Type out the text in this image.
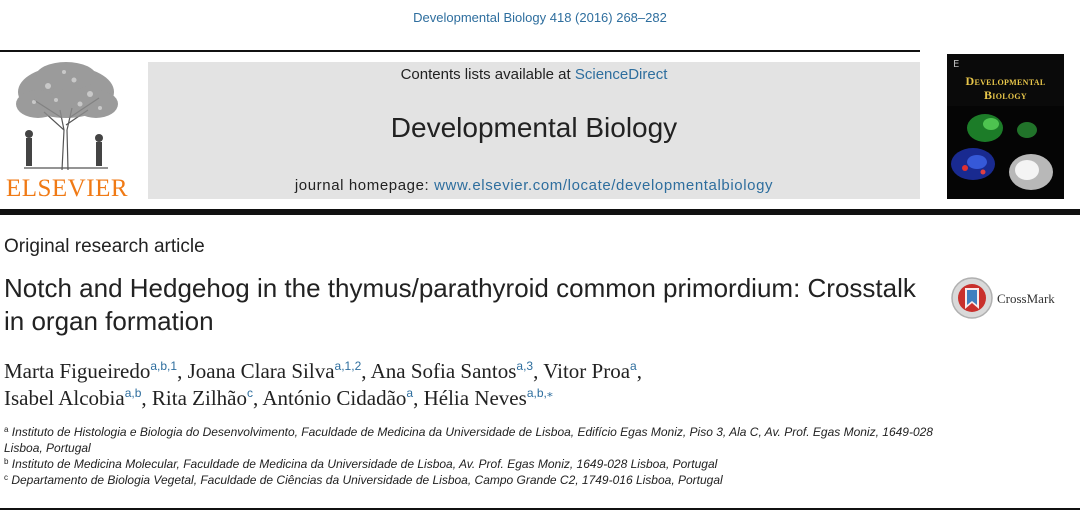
Developmental Biology 418 (2016) 268–282
ELSEVIER
Contents lists available at ScienceDirect
Developmental Biology
journal homepage: www.elsevier.com/locate/developmentalbiology
E
Developmental
Biology
Original research article
Notch and Hedgehog in the thymus/parathyroid common primordium: Crosstalk in organ formation
CrossMark
Marta Figueiredo$^{a,b,1}$, Joana Clara Silva$^{a,1,2}$, Ana Sofia Santos$^{a,3}$, Vitor Proa$^a$,
Isabel Alcobia$^{a,b}$, Rita Zilhão$^c$, António Cidadão$^a$, Hélia Neves$^{a,b,⁎}$

$^a$ Instituto de Histologia e Biologia do Desenvolvimento, Faculdade de Medicina da Universidade de Lisboa, Edifício Egas Moniz, Piso 3, Ala C, Av. Prof. Egas Moniz, 1649-028 Lisboa, Portugal

$^b$ Instituto de Medicina Molecular, Faculdade de Medicina da Universidade de Lisboa, Av. Prof. Egas Moniz, 1649-028 Lisboa, Portugal

$^c$ Departamento de Biologia Vegetal, Faculdade de Ciências da Universidade de Lisboa, Campo Grande C2, 1749-016 Lisboa, Portugal
